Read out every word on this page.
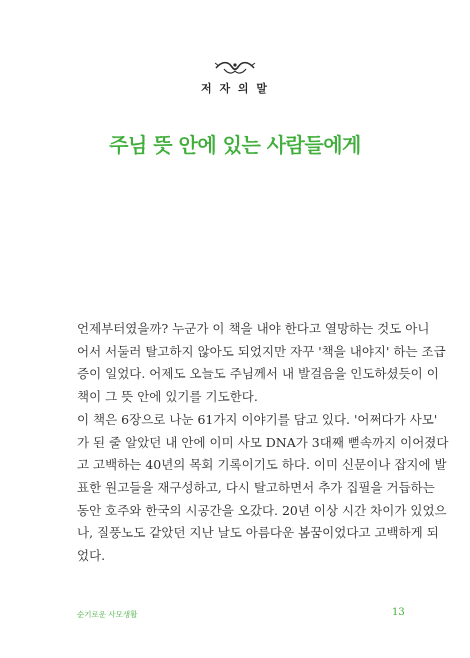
저 자 의 말
주님 뜻 안에 있는 사람들에게
언제부터였을까? 누군가 이 책을 내야 한다고 열망하는 것도 아니
어서 서둘러 탈고하지 않아도 되었지만 자꾸 '책을 내야지' 하는 조급
증이 일었다. 어제도 오늘도 주님께서 내 발걸음을 인도하셨듯이 이
책이 그 뜻 안에 있기를 기도한다.
이 책은 6장으로 나눈 61가지 이야기를 담고 있다. '어쩌다가 사모'
가 된 줄 알았던 내 안에 이미 사모 DNA가 3대째 뻗속까지 이어졌다
고 고백하는 40년의 목회 기록이기도 하다. 이미 신문이나 잡지에 발
표한 원고들을 재구성하고, 다시 탈고하면서 추가 집필을 거듭하는
동안 호주와 한국의 시공간을 오갔다. 20년 이상 시간 차이가 있었으
나, 질풍노도 같았던 지난 날도 아름다운 봄꿈이었다고 고백하게 되
었다.
순기로운 사모생활	13
